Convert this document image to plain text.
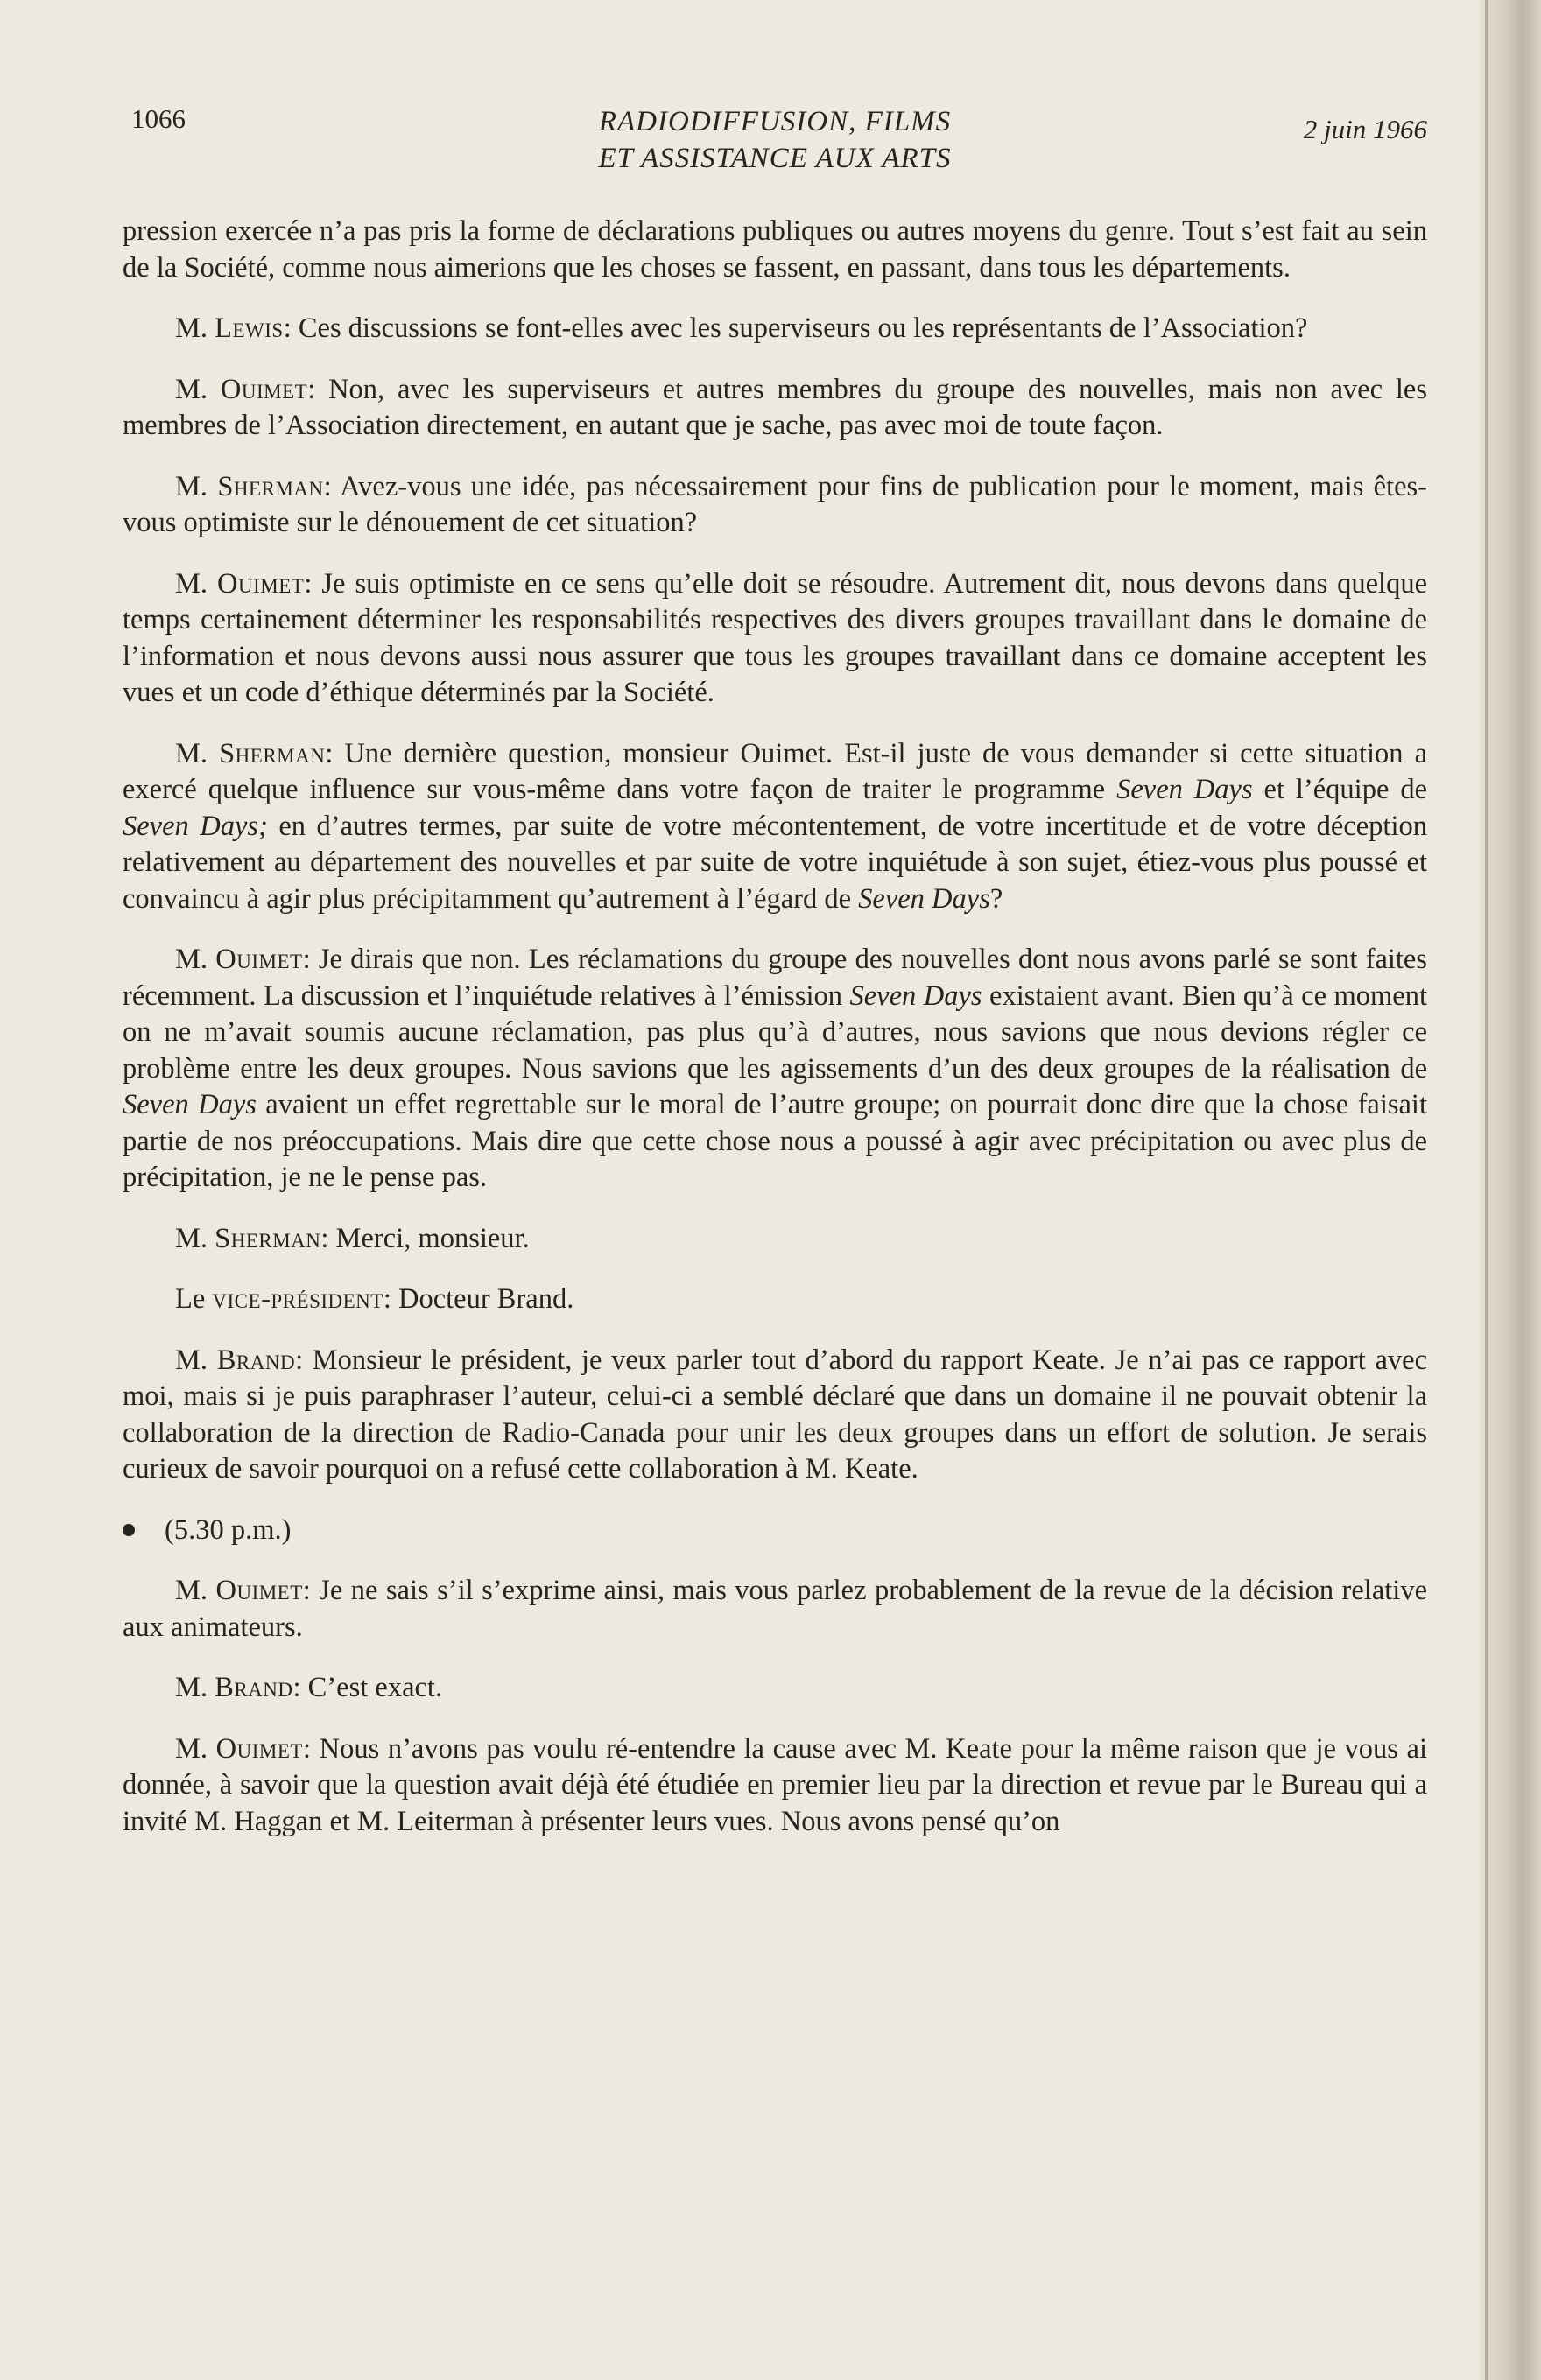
1066	RADIODIFFUSION, FILMS
ET ASSISTANCE AUX ARTS
2 juin 1966

pression exercée n’a pas pris la forme de déclarations publiques ou autres moyens du genre. Tout s’est fait au sein de la Société, comme nous aimerions que les choses se fassent, en passant, dans tous les départements.

M. Lewis: Ces discussions se font-elles avec les superviseurs ou les représentants de l’Association?

M. Ouimet: Non, avec les superviseurs et autres membres du groupe des nouvelles, mais non avec les membres de l’Association directement, en autant que je sache, pas avec moi de toute façon.

M. Sherman: Avez-vous une idée, pas nécessairement pour fins de publication pour le moment, mais êtes-vous optimiste sur le dénouement de cet situation?

M. Ouimet: Je suis optimiste en ce sens qu’elle doit se résoudre. Autrement dit, nous devons dans quelque temps certainement déterminer les responsabilités respectives des divers groupes travaillant dans le domaine de l’information et nous devons aussi nous assurer que tous les groupes travaillant dans ce domaine acceptent les vues et un code d’éthique déterminés par la Société.

M. Sherman: Une dernière question, monsieur Ouimet. Est-il juste de vous demander si cette situation a exercé quelque influence sur vous-même dans votre façon de traiter le programme Seven Days et l’équipe de Seven Days; en d’autres termes, par suite de votre mécontentement, de votre incertitude et de votre déception relativement au département des nouvelles et par suite de votre inquiétude à son sujet, étiez-vous plus poussé et convaincu à agir plus précipitamment qu’autrement à l’égard de Seven Days?

M. Ouimet: Je dirais que non. Les réclamations du groupe des nouvelles dont nous avons parlé se sont faites récemment. La discussion et l’inquiétude relatives à l’émission Seven Days existaient avant. Bien qu’à ce moment on ne m’avait soumis aucune réclamation, pas plus qu’à d’autres, nous savions que nous devions régler ce problème entre les deux groupes. Nous savions que les agissements d’un des deux groupes de la réalisation de Seven Days avaient un effet regrettable sur le moral de l’autre groupe; on pourrait donc dire que la chose faisait partie de nos préoccupations. Mais dire que cette chose nous a poussé à agir avec précipitation ou avec plus de précipitation, je ne le pense pas.

M. Sherman: Merci, monsieur.

Le vice-président: Docteur Brand.

M. Brand: Monsieur le président, je veux parler tout d’abord du rapport Keate. Je n’ai pas ce rapport avec moi, mais si je puis paraphraser l’auteur, celui-ci a semblé déclaré que dans un domaine il ne pouvait obtenir la collaboration de la direction de Radio-Canada pour unir les deux groupes dans un effort de solution. Je serais curieux de savoir pourquoi on a refusé cette collaboration à M. Keate.

(5.30 p.m.)

M. Ouimet: Je ne sais s’il s’exprime ainsi, mais vous parlez probablement de la revue de la décision relative aux animateurs.

M. Brand: C’est exact.

M. Ouimet: Nous n’avons pas voulu ré-entendre la cause avec M. Keate pour la même raison que je vous ai donnée, à savoir que la question avait déjà été étudiée en premier lieu par la direction et revue par le Bureau qui a invité M. Haggan et M. Leiterman à présenter leurs vues. Nous avons pensé qu’on
